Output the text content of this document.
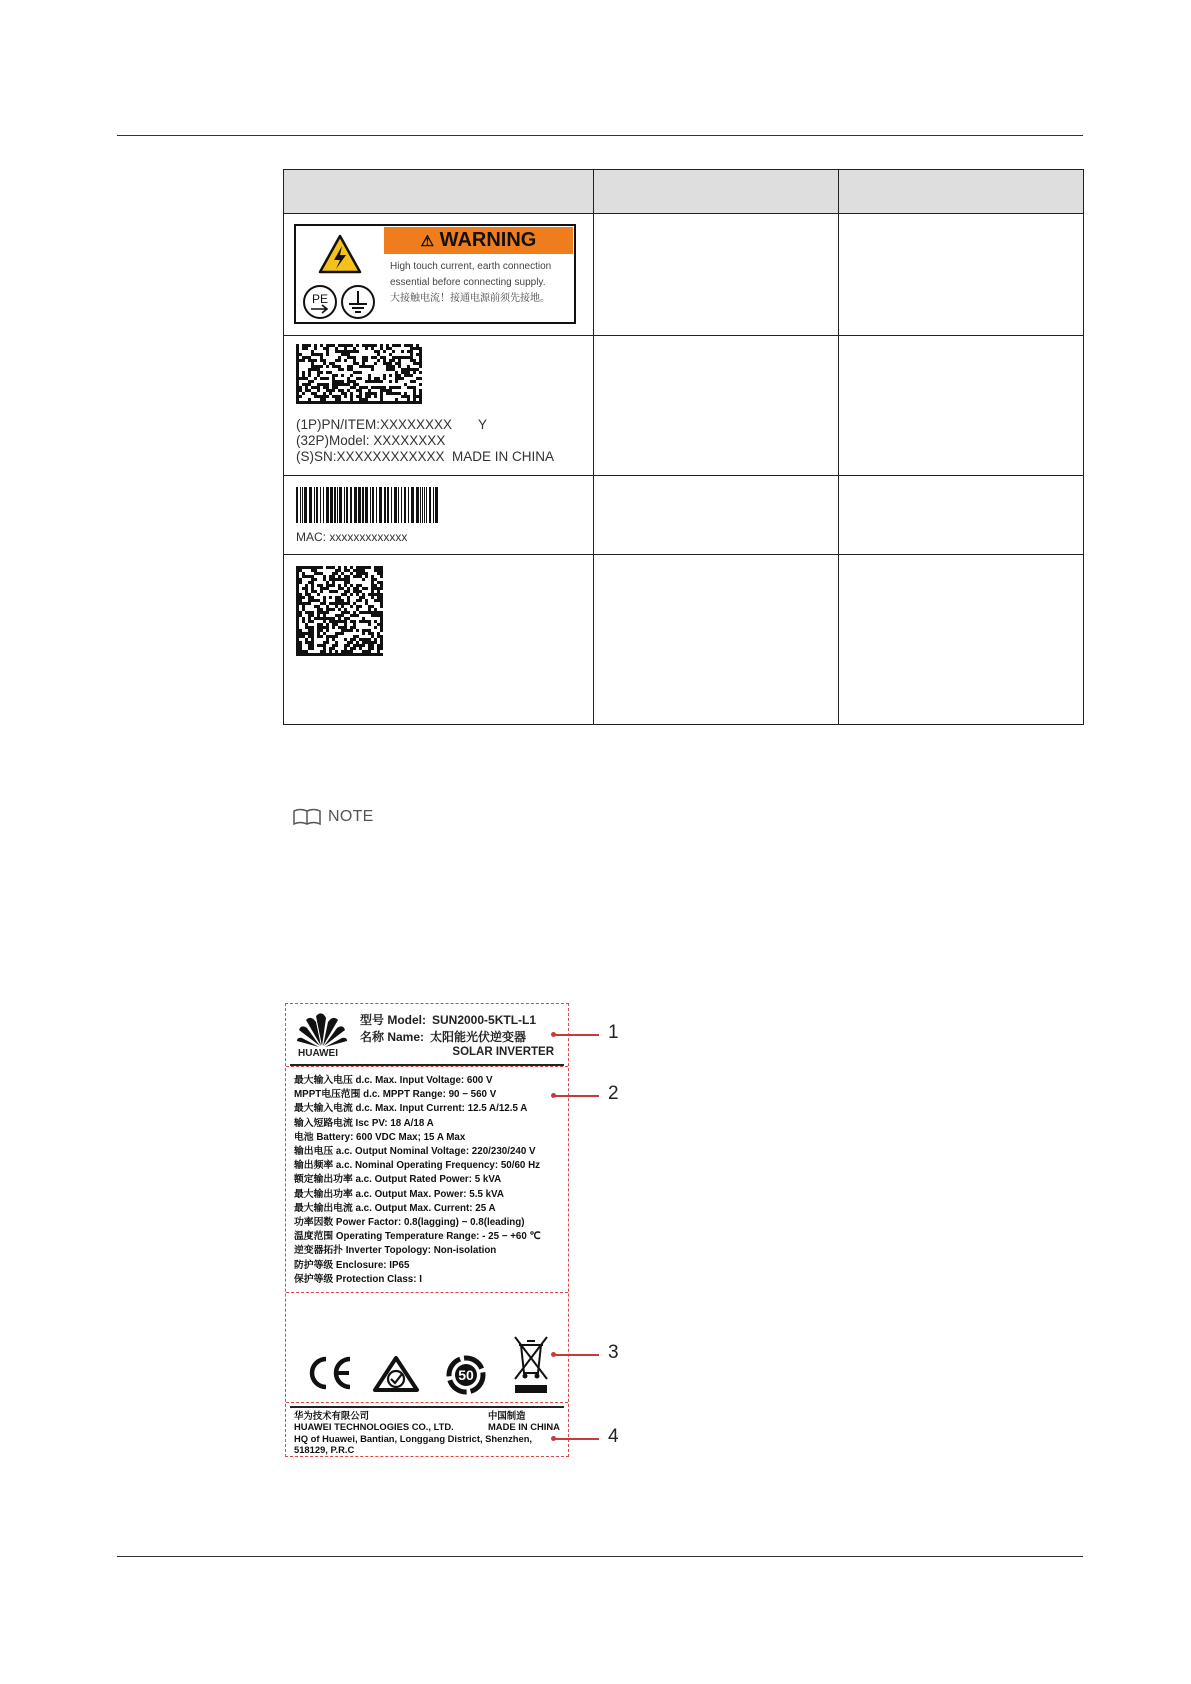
PE
⚠ WARNING
High touch current, earth connection
essential before connecting supply.
大接触电流！接通电源前须先接地。		

(1P)PN/ITEM:XXXXXXXX       Y
(32P)Model: XXXXXXXX
(S)SN:XXXXXXXXXXXX  MADE IN CHINA		

MAC: xxxxxxxxxxxxx		

NOTE
HUAWEI
型号 Model: SUN2000-5KTL-L1
名称 Name: 太阳能光伏逆变器
SOLAR INVERTER
最大输入电压 d.c. Max. Input Voltage: 600 V
MPPT电压范围 d.c. MPPT Range: 90 − 560 V
最大输入电流 d.c. Max. Input Current: 12.5 A/12.5 A
输入短路电流 Isc PV: 18 A/18 A
电池 Battery: 600 VDC Max; 15 A Max
输出电压 a.c. Output Nominal Voltage: 220/230/240 V
输出频率 a.c. Nominal Operating Frequency: 50/60 Hz
额定输出功率 a.c. Output Rated Power: 5 kVA
最大输出功率 a.c. Output Max. Power: 5.5 kVA
最大输出电流 a.c. Output Max. Current: 25 A
功率因数 Power Factor: 0.8(lagging) − 0.8(leading)
温度范围 Operating Temperature Range: - 25 − +60 ℃
逆变器拓扑 Inverter Topology: Non-isolation
防护等级 Enclosure: IP65
保护等级 Protection Class: I
50
华为技术有限公司
HUAWEI TECHNOLOGIES CO., LTD.
HQ of Huawei, Bantian, Longgang District, Shenzhen,
518129, P.R.C
中国制造
MADE IN CHINA
1
2
3
4
